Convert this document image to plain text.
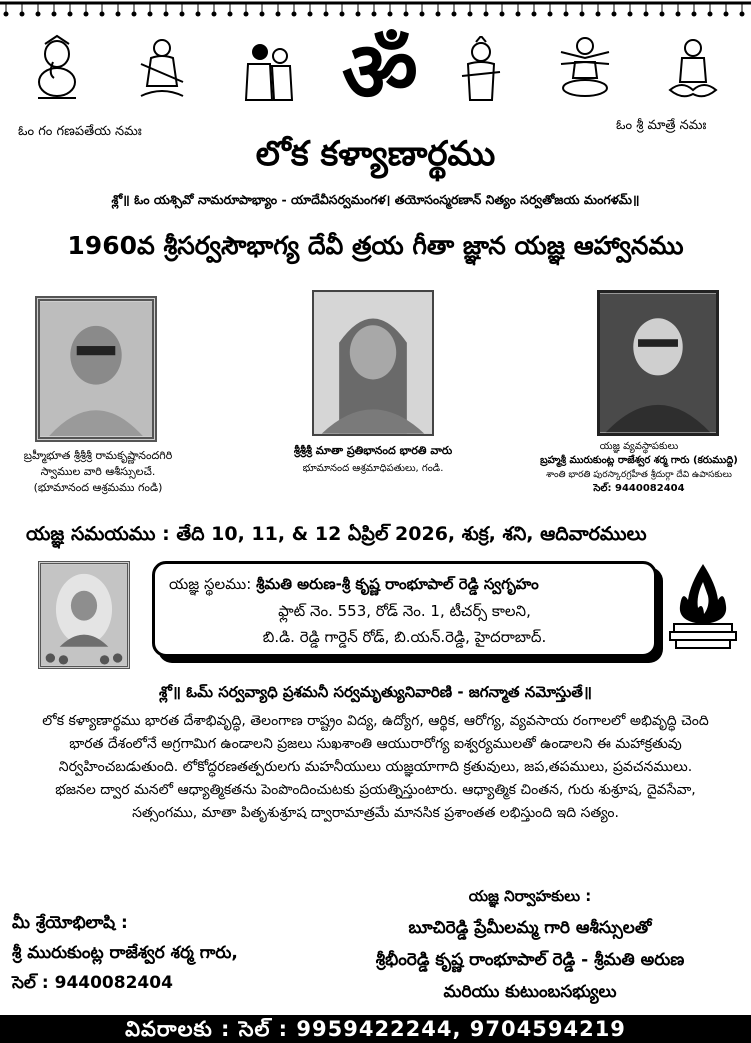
ॐ
ఓం గం గణపతేయ నమః	ఓం శ్రీ మాత్రే నమః
లోక కళ్యాణార్థము
శ్లో॥ ఓం యశ్సివో నామరూపాభ్యాం - యాదేవీసర్వమంగళ। తయోసంస్మరణాన్ నిత్యం సర్వతోజయ మంగళమ్॥
1960వ శ్రీసర్వసౌభాగ్య దేవీ త్రయ గీతా జ్ఞాన యజ్ఞ ఆహ్వానము
బ్రహ్మీభూత శ్రీశ్రీశ్రీ రామకృష్ణానందగిరి
స్వాముల వారి ఆశీస్సులచే.
(భూమానంద ఆశ్రమము గండి)
శ్రీశ్రీశ్రీ మాతా ప్రతిభానంద భారతి వారు
భూమానంద ఆశ్రమాధిపతులు, గండి.
యజ్ఞ వ్యవస్థాపకులు
బ్రహ్మశ్రీ మురుకుంట్ల రాజేశ్వర శర్మ గారు (కరుముద్ది)
శాంతి భారతి పురస్కారగ్రహీత శ్రీదుర్గా దేవి ఉపాసకులు
సెల్: 9440082404
యజ్ఞ సమయము : తేది 10, 11, & 12 ఏప్రిల్ 2026, శుక్ర, శని, ఆదివారములు
యజ్ఞ స్థలము: శ్రీమతి అరుణ-శ్రీ కృష్ణ రాంభూపాల్ రెడ్డి స్వగృహం
ఫ్లాట్ నెం. 553, రోడ్ నెం. 1, టీచర్స్ కాలని,
బి.డి. రెడ్డి గార్డెన్ రోడ్, బి.యన్.రెడ్డి, హైదరాబాద్.
శ్లో॥ ఓమ్ సర్వవ్యాధి ప్రశమనీ సర్వమృత్యునివారిణి - జగన్మాత నమోస్తుతే॥
లోక కళ్యాణార్థము భారత దేశాభివృద్ధి, తెలంగాణ రాష్ట్రం విద్య, ఉద్యోగ, ఆర్థిక, ఆరోగ్య, వ్యవసాయ రంగాలలో అభివృద్ధి చెంది
భారత దేశంలోనే అగ్రగామిగ ఉండాలని ప్రజలు సుఖశాంతి ఆయురారోగ్య ఐశ్వర్యములతో ఉండాలని ఈ మహాక్రతువు
నిర్వహించబడుతుంది. లోకోద్ధరణతత్పరులగు మహనీయులు యజ్ఞయాగాది క్రతువులు, జప,తపములు, ప్రవచనములు.
భజనల ద్వార మనలో ఆధ్యాత్మికతను పెంపొందించుటకు ప్రయత్నిస్తుంటారు. ఆధ్యాత్మిక చింతన, గురు శుశ్రూష, దైవసేవా,
సత్సంగము, మాతా పితృశుశ్రూష ద్వారామాత్రమే మానసిక ప్రశాంతత లభిస్తుంది ఇది సత్యం.
మీ శ్రేయోభిలాషి :
శ్రీ మురుకుంట్ల రాజేశ్వర శర్మ గారు,
సెల్ : 9440082404
యజ్ఞ నిర్వాహకులు :
బూచిరెడ్డి ప్రేమీలమ్మ గారి ఆశీస్సులతో
శ్రీభీంరెడ్డి కృష్ణ రాంభూపాల్ రెడ్డి - శ్రీమతి అరుణ
మరియు కుటుంబసభ్యులు
వివరాలకు : సెల్ : 9959422244, 9704594219
